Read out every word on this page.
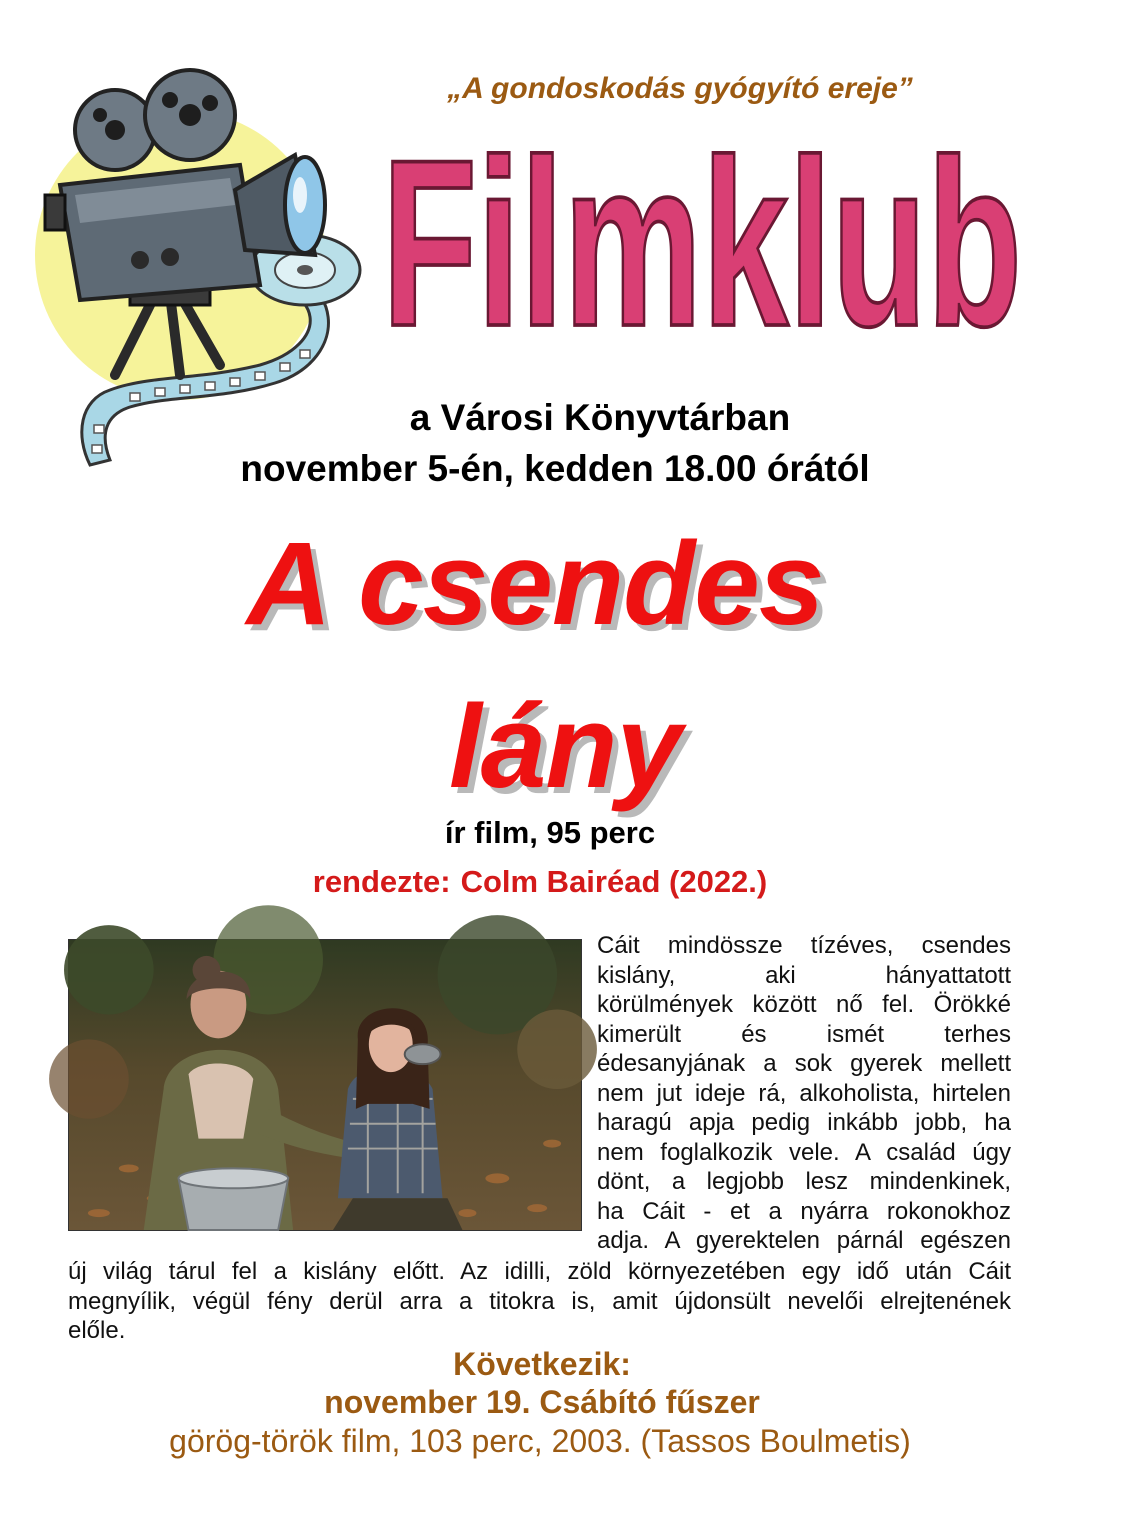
„A gondoskodás gyógyító ereje”
Filmklub
a Városi Könyvtárban
november 5-én, kedden 18.00 órától
A csendes
lány
ír film, 95 perc
rendezte: Colm Bairéad (2022.)
Cáit mindössze tízéves, csendes
kislány, aki hányattatott
körülmények között nő fel. Örökké
kimerült és ismét terhes
édesanyjának a sok gyerek mellett
nem jut ideje rá, alkoholista, hirtelen
haragú apja pedig inkább jobb, ha
nem foglalkozik vele. A család úgy
dönt, a legjobb lesz mindenkinek,
ha Cáit - et a nyárra rokonokhoz
adja. A gyerektelen párnál egészen
új világ tárul fel a kislány előtt. Az idilli, zöld környezetében egy idő után Cáit
megnyílik, végül fény derül arra a titokra is, amit újdonsült nevelői elrejtenének
előle.
Következik:
november 19. Csábító fűszer
görög-török film, 103 perc, 2003. (Tassos Boulmetis)
